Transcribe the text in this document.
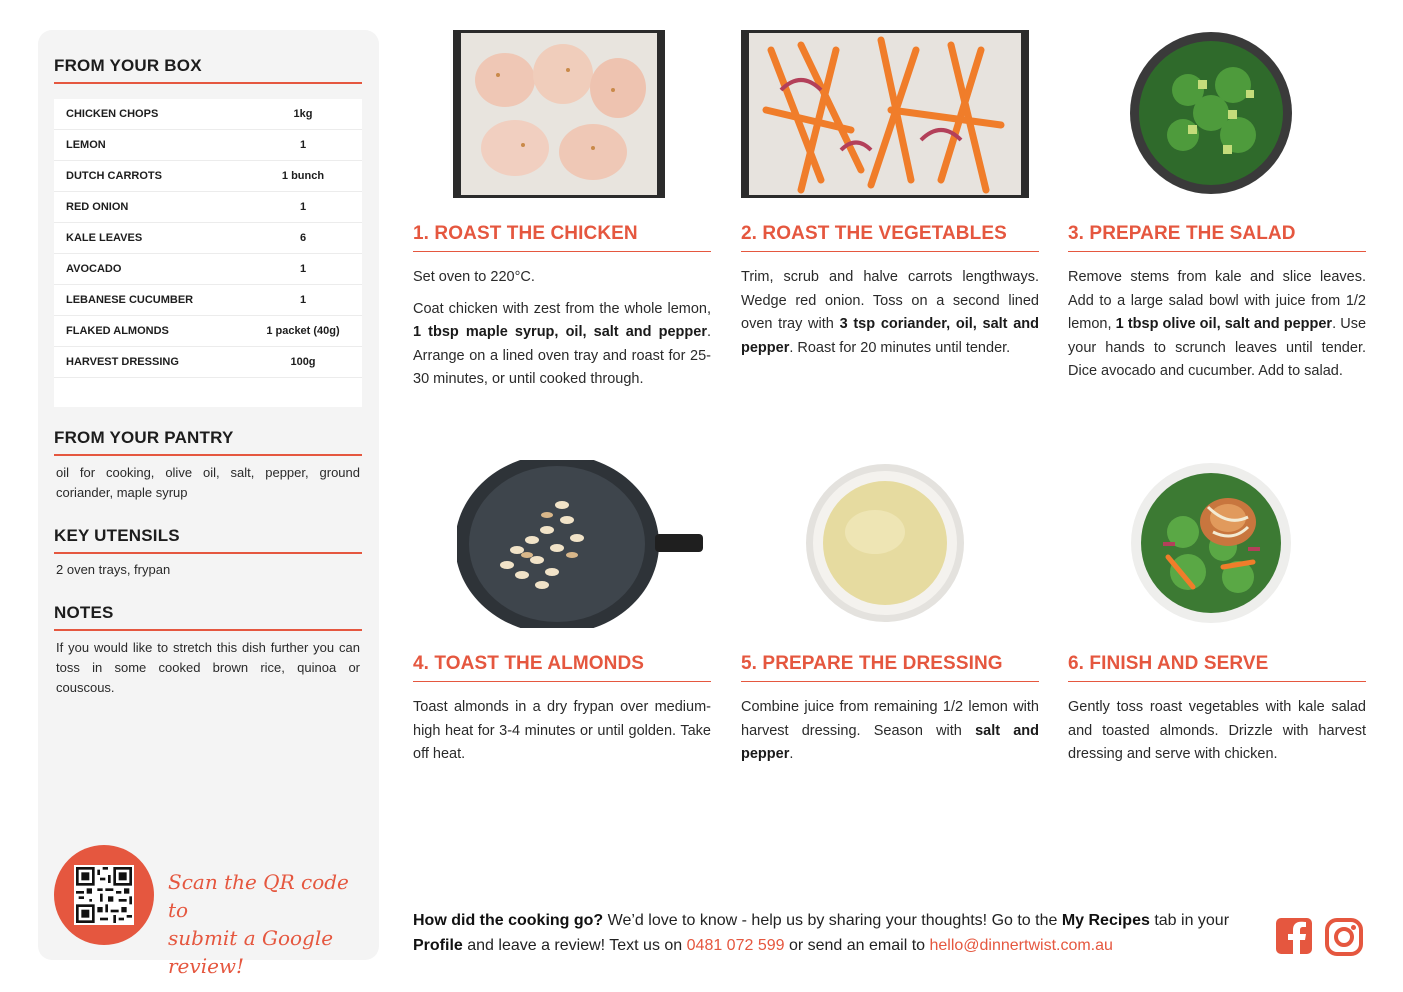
FROM YOUR BOX
CHICKEN CHOPS	1kg
LEMON	1
DUTCH CARROTS	1 bunch
RED ONION	1
KALE LEAVES	6
AVOCADO	1
LEBANESE CUCUMBER	1
FLAKED ALMONDS	1 packet (40g)
HARVEST DRESSING	100g
FROM YOUR PANTRY
oil for cooking, olive oil, salt, pepper, ground coriander, maple syrup
KEY UTENSILS
2 oven trays, frypan
NOTES
If you would like to stretch this dish further you can toss in some cooked brown rice, quinoa or couscous.
Scan the QR code to
submit a Google review!
1. ROAST THE CHICKEN

Set oven to 220°C.

Coat chicken with zest from the whole lemon, 1 tbsp maple syrup, oil, salt and pepper. Arrange on a lined oven tray and roast for 25-30 minutes, or until cooked through.

2. ROAST THE VEGETABLES

Trim, scrub and halve carrots lengthways. Wedge red onion. Toss on a second lined oven tray with 3 tsp coriander, oil, salt and pepper. Roast for 20 minutes until tender.

3. PREPARE THE SALAD

Remove stems from kale and slice leaves. Add to a large salad bowl with juice from 1/2 lemon, 1 tbsp olive oil, salt and pepper. Use your hands to scrunch leaves until tender. Dice avocado and cucumber. Add to salad.

4. TOAST THE ALMONDS

Toast almonds in a dry frypan over medium-high heat for 3-4 minutes or until golden. Take off heat.

5. PREPARE THE DRESSING

Combine juice from remaining 1/2 lemon with harvest dressing. Season with salt and pepper.

6. FINISH AND SERVE

Gently toss roast vegetables with kale salad and toasted almonds. Drizzle with harvest dressing and serve with chicken.

How did the cooking go? We’d love to know - help us by sharing your thoughts! Go to the My Recipes tab in your Profile and leave a review! Text us on 0481 072 599 or send an email to hello@dinnertwist.com.au
